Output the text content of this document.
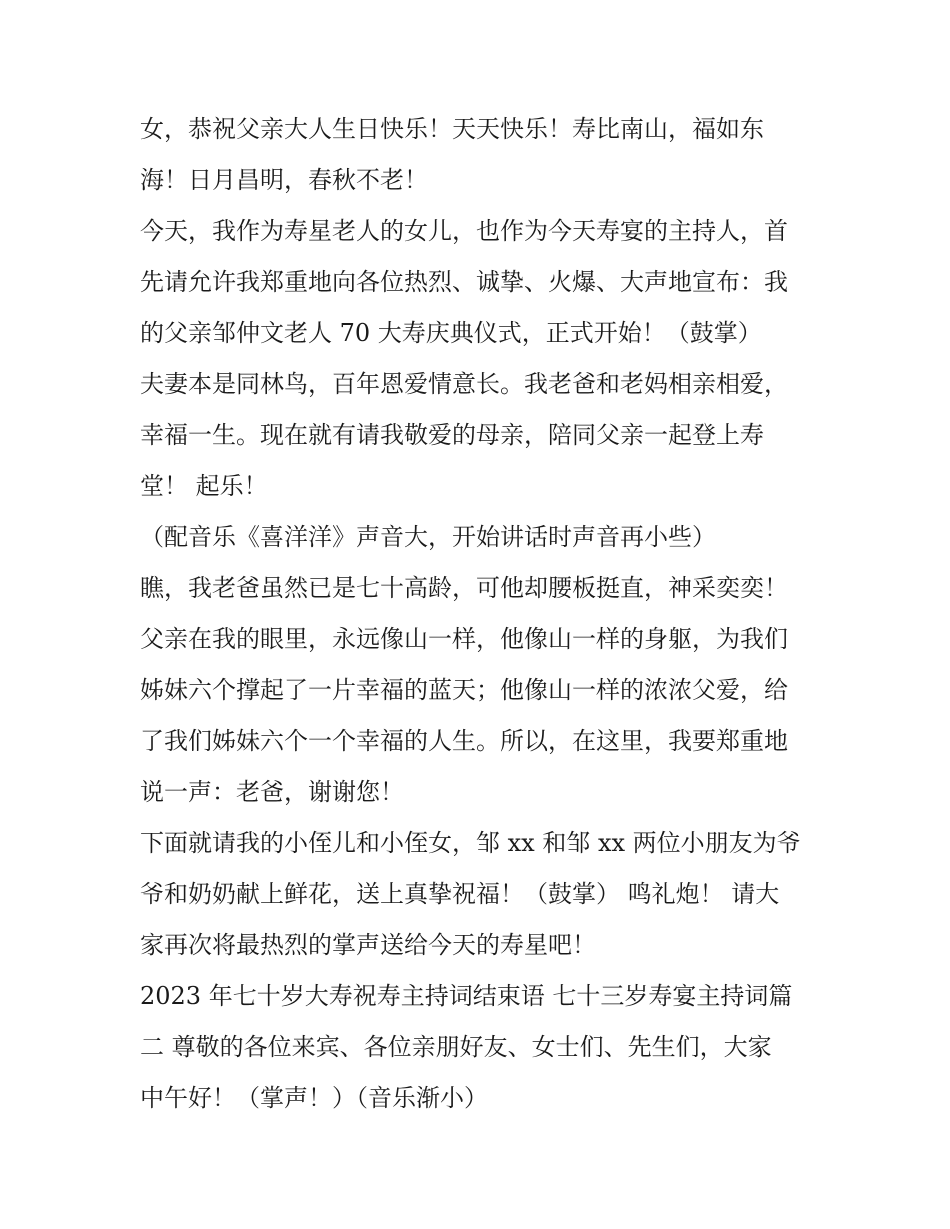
女，恭祝父亲大人生日快乐！天天快乐！寿比南山，福如东
海！日月昌明，春秋不老！
今天，我作为寿星老人的女儿，也作为今天寿宴的主持人，首
先请允许我郑重地向各位热烈、诚挚、火爆、大声地宣布：我
的父亲邹仲文老人 70 大寿庆典仪式，正式开始！（鼓掌）
夫妻本是同林鸟，百年恩爱情意长。我老爸和老妈相亲相爱，
幸福一生。现在就有请我敬爱的母亲，陪同父亲一起登上寿
堂！ 起乐！
（配音乐《喜洋洋》声音大，开始讲话时声音再小些）
瞧，我老爸虽然已是七十高龄，可他却腰板挺直，神采奕奕！
父亲在我的眼里，永远像山一样，他像山一样的身躯，为我们
姊妹六个撑起了一片幸福的蓝天；他像山一样的浓浓父爱，给
了我们姊妹六个一个幸福的人生。所以，在这里，我要郑重地
说一声：老爸，谢谢您！
下面就请我的小侄儿和小侄女，邹 xx 和邹 xx 两位小朋友为爷
爷和奶奶献上鲜花，送上真挚祝福！（鼓掌） 鸣礼炮！ 请大
家再次将最热烈的掌声送给今天的寿星吧！
2023 年七十岁大寿祝寿主持词结束语 七十三岁寿宴主持词篇
二 尊敬的各位来宾、各位亲朋好友、女士们、先生们，大家
中午好！（掌声！）（音乐渐小）
